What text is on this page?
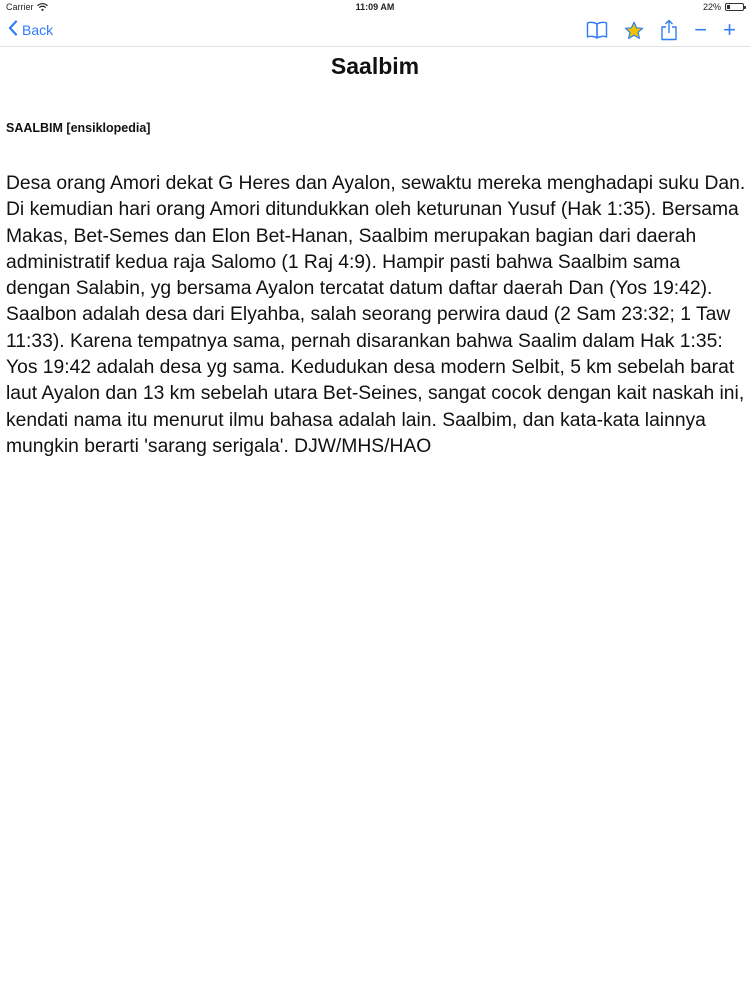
Carrier	11:09 AM	22%
Back	− +
Saalbim
SAALBIM [ensiklopedia]

Desa orang Amori dekat G Heres dan Ayalon, sewaktu mereka menghadapi suku Dan. Di kemudian hari orang Amori ditundukkan oleh keturunan Yusuf (Hak 1:35). Bersama Makas, Bet-Semes dan Elon Bet-Hanan, Saalbim merupakan bagian dari daerah administratif kedua raja Salomo (1 Raj 4:9). Hampir pasti bahwa Saalbim sama dengan Salabin, yg bersama Ayalon tercatat datum daftar daerah Dan (Yos 19:42). Saalbon adalah desa dari Elyahba, salah seorang perwira daud (2 Sam 23:32; 1 Taw 11:33). Karena tempatnya sama, pernah disarankan bahwa Saalim dalam Hak 1:35: Yos 19:42 adalah desa yg sama. Kedudukan desa modern Selbit, 5 km sebelah barat laut Ayalon dan 13 km sebelah utara Bet-Seines, sangat cocok dengan kait naskah ini, kendati nama itu menurut ilmu bahasa adalah lain. Saalbim, dan kata-kata lainnya mungkin berarti 'sarang serigala'. DJW/MHS/HAO
